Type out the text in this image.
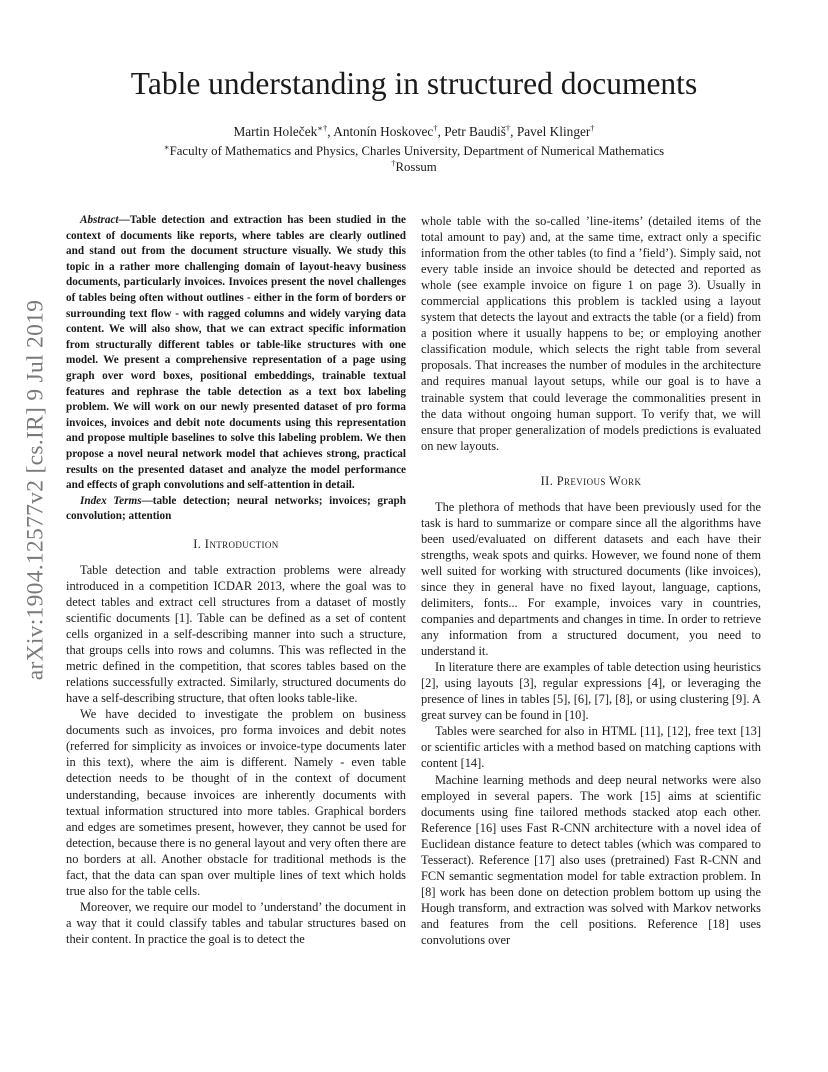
arXiv:1904.12577v2 [cs.IR] 9 Jul 2019
Table understanding in structured documents
Martin Holeček∗†, Antonín Hoskovec†, Petr Baudiš†, Pavel Klinger†
∗Faculty of Mathematics and Physics, Charles University, Department of Numerical Mathematics
†Rossum

Abstract—Table detection and extraction has been studied in the context of documents like reports, where tables are clearly outlined and stand out from the document structure visually. We study this topic in a rather more challenging domain of layout-heavy business documents, particularly invoices. Invoices present the novel challenges of tables being often without outlines - either in the form of borders or surrounding text flow - with ragged columns and widely varying data content. We will also show, that we can extract specific information from structurally different tables or table-like structures with one model. We present a comprehensive representation of a page using graph over word boxes, positional embeddings, trainable textual features and rephrase the table detection as a text box labeling problem. We will work on our newly presented dataset of pro forma invoices, invoices and debit note documents using this representation and propose multiple baselines to solve this labeling problem. We then propose a novel neural network model that achieves strong, practical results on the presented dataset and analyze the model performance and effects of graph convolutions and self-attention in detail.

Index Terms—table detection; neural networks; invoices; graph convolution; attention

I. Introduction

Table detection and table extraction problems were already introduced in a competition ICDAR 2013, where the goal was to detect tables and extract cell structures from a dataset of mostly scientific documents [1]. Table can be defined as a set of content cells organized in a self-describing manner into such a structure, that groups cells into rows and columns. This was reflected in the metric defined in the competition, that scores tables based on the relations successfully extracted. Similarly, structured documents do have a self-describing structure, that often looks table-like.

We have decided to investigate the problem on business documents such as invoices, pro forma invoices and debit notes (referred for simplicity as invoices or invoice-type documents later in this text), where the aim is different. Namely - even table detection needs to be thought of in the context of document understanding, because invoices are inherently documents with textual information structured into more tables. Graphical borders and edges are sometimes present, however, they cannot be used for detection, because there is no general layout and very often there are no borders at all. Another obstacle for traditional methods is the fact, that the data can span over multiple lines of text which holds true also for the table cells.

Moreover, we require our model to ’understand’ the document in a way that it could classify tables and tabular structures based on their content. In practice the goal is to detect the

whole table with the so-called ’line-items’ (detailed items of the total amount to pay) and, at the same time, extract only a specific information from the other tables (to find a ’field’). Simply said, not every table inside an invoice should be detected and reported as whole (see example invoice on figure 1 on page 3). Usually in commercial applications this problem is tackled using a layout system that detects the layout and extracts the table (or a field) from a position where it usually happens to be; or employing another classification module, which selects the right table from several proposals. That increases the number of modules in the architecture and requires manual layout setups, while our goal is to have a trainable system that could leverage the commonalities present in the data without ongoing human support. To verify that, we will ensure that proper generalization of models predictions is evaluated on new layouts.

II. Previous Work

The plethora of methods that have been previously used for the task is hard to summarize or compare since all the algorithms have been used/evaluated on different datasets and each have their strengths, weak spots and quirks. However, we found none of them well suited for working with structured documents (like invoices), since they in general have no fixed layout, language, captions, delimiters, fonts... For example, invoices vary in countries, companies and departments and changes in time. In order to retrieve any information from a structured document, you need to understand it.

In literature there are examples of table detection using heuristics [2], using layouts [3], regular expressions [4], or leveraging the presence of lines in tables [5], [6], [7], [8], or using clustering [9]. A great survey can be found in [10].

Tables were searched for also in HTML [11], [12], free text [13] or scientific articles with a method based on matching captions with content [14].

Machine learning methods and deep neural networks were also employed in several papers. The work [15] aims at scientific documents using fine tailored methods stacked atop each other. Reference [16] uses Fast R-CNN architecture with a novel idea of Euclidean distance feature to detect tables (which was compared to Tesseract). Reference [17] also uses (pretrained) Fast R-CNN and FCN semantic segmentation model for table extraction problem. In [8] work has been done on detection problem bottom up using the Hough transform, and extraction was solved with Markov networks and features from the cell positions. Reference [18] uses convolutions over
